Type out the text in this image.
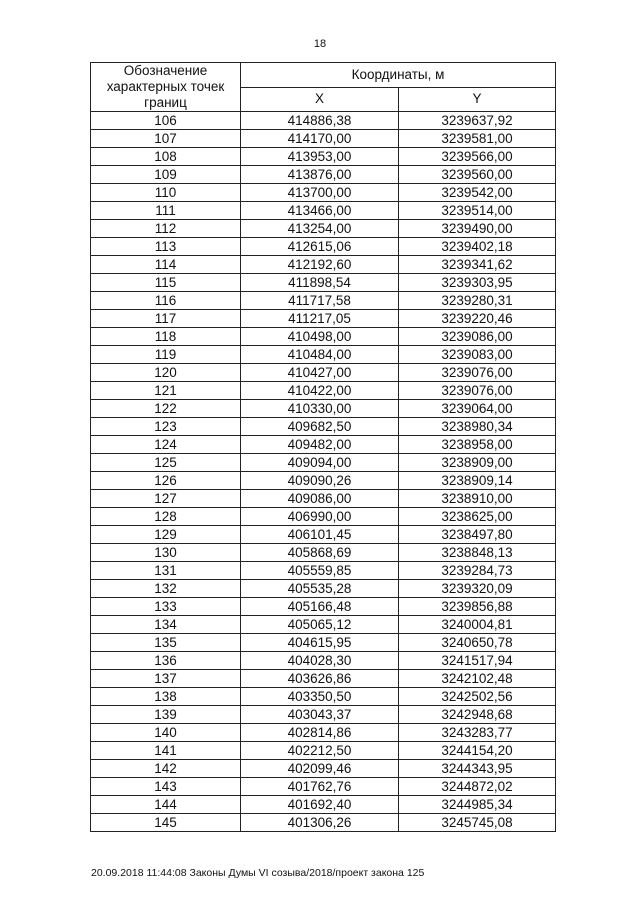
18
Обозначение характерных точек границ	Координаты, м	
	X	Y
106	414886,38	3239637,92
107	414170,00	3239581,00
108	413953,00	3239566,00
109	413876,00	3239560,00
110	413700,00	3239542,00
111	413466,00	3239514,00
112	413254,00	3239490,00
113	412615,06	3239402,18
114	412192,60	3239341,62
115	411898,54	3239303,95
116	411717,58	3239280,31
117	411217,05	3239220,46
118	410498,00	3239086,00
119	410484,00	3239083,00
120	410427,00	3239076,00
121	410422,00	3239076,00
122	410330,00	3239064,00
123	409682,50	3238980,34
124	409482,00	3238958,00
125	409094,00	3238909,00
126	409090,26	3238909,14
127	409086,00	3238910,00
128	406990,00	3238625,00
129	406101,45	3238497,80
130	405868,69	3238848,13
131	405559,85	3239284,73
132	405535,28	3239320,09
133	405166,48	3239856,88
134	405065,12	3240004,81
135	404615,95	3240650,78
136	404028,30	3241517,94
137	403626,86	3242102,48
138	403350,50	3242502,56
139	403043,37	3242948,68
140	402814,86	3243283,77
141	402212,50	3244154,20
142	402099,46	3244343,95
143	401762,76	3244872,02
144	401692,40	3244985,34
145	401306,26	3245745,08
20.09.2018 11:44:08 Законы Думы VI созыва/2018/проект закона 125
